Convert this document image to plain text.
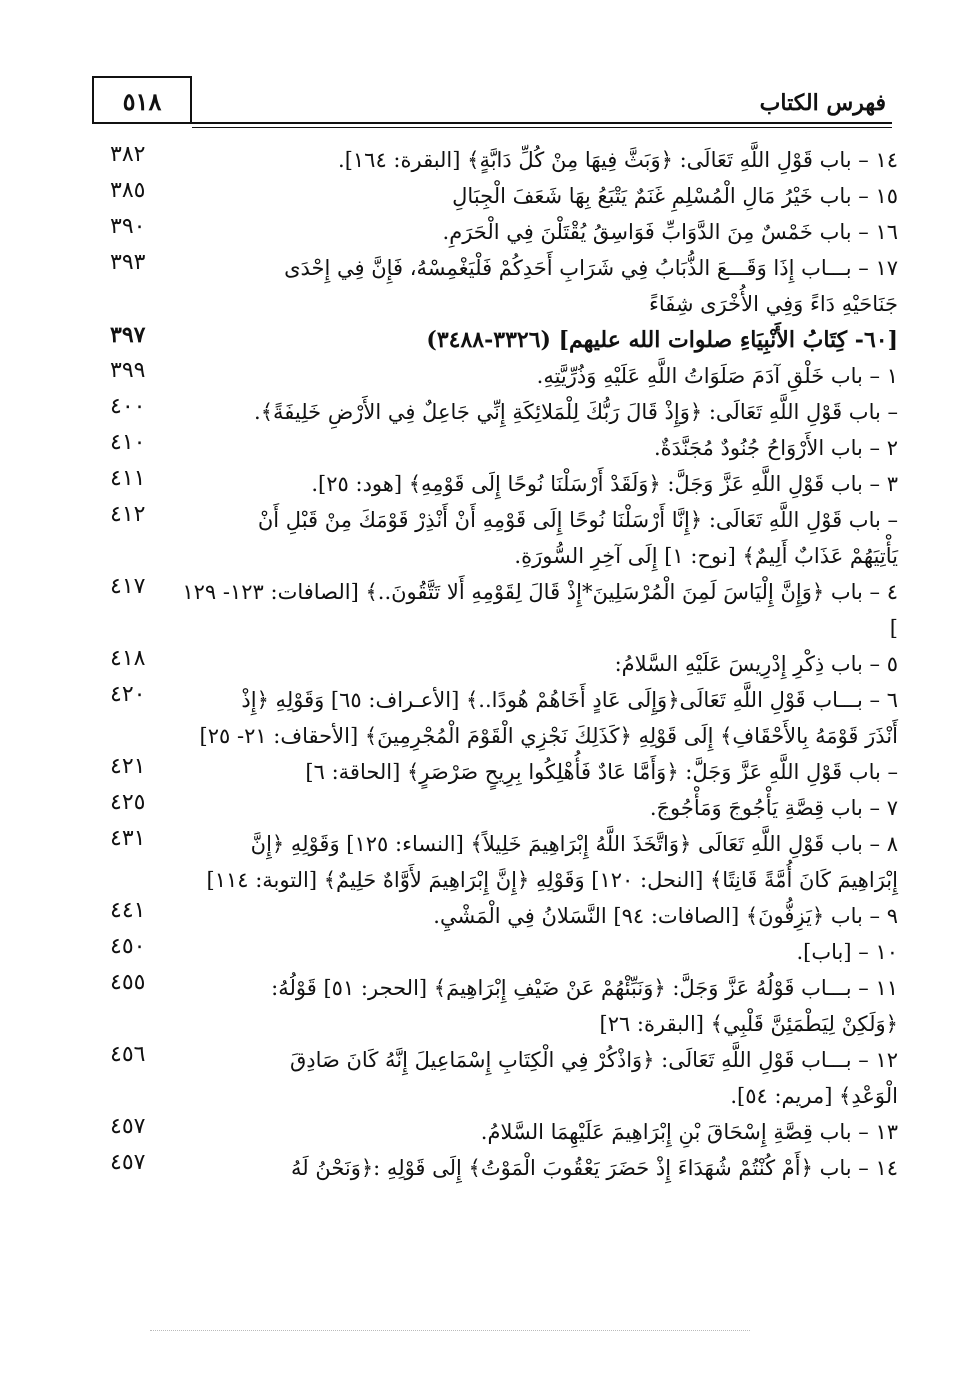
٥١٨	فهرس الكتاب
٣٨٢	١٤ – باب قَوْلِ اللَّهِ تَعَالَى: ﴿وَبَثَّ فِيهَا مِنْ كُلِّ دَابَّةٍ﴾ [البقرة: ١٦٤].
٣٨٥	١٥ – باب خَيْرُ مَالِ الْمُسْلِمِ غَنَمٌ يَتْبَعُ بِهَا شَعَفَ الْجِبَالِ
٣٩٠	١٦ – باب خَمْسٌ مِنَ الدَّوَابِّ فَوَاسِقُ يُقْتَلْنَ فِي الْحَرَمِ.
٣٩٣	١٧ – بـــاب إِذَا وَقَـــعَ الذُّبَابُ فِي شَرَابِ أَحَدِكُمْ فَلْيَغْمِسْهُ، فَإِنَّ فِي إِحْدَى
جَنَاحَيْهِ دَاءً وَفِي الأُخْرَى شِفَاءً
٣٩٧	[٦٠- كِتَابُ الأَنْبِيَاءِ صلوات الله عليهم] (٣٣٢٦-٣٤٨٨)
٣٩٩	١ – باب خَلْقِ آدَمَ صَلَوَاتُ اللَّهِ عَلَيْهِ وَذُرِّيَّتِهِ.
٤٠٠	– باب قَوْلِ اللَّهِ تَعَالَى: ﴿وَإِذْ قَالَ رَبُّكَ لِلْمَلائِكَةِ إِنِّي جَاعِلٌ فِي الأَرْضِ خَلِيفَةً﴾.
٤١٠	٢ – باب الأَرْوَاحُ جُنُودٌ مُجَنَّدَةٌ.
٤١١	٣ – باب قَوْلِ اللَّهِ عَزَّ وَجَلَّ: ﴿وَلَقَدْ أَرْسَلْنَا نُوحًا إِلَى قَوْمِهِ﴾ [هود: ٢٥].
٤١٢	– باب قَوْلِ اللَّهِ تَعَالَى: ﴿إِنَّا أَرْسَلْنَا نُوحًا إِلَى قَوْمِهِ أَنْ أَنْذِرْ قَوْمَكَ مِنْ قَبْلِ أَنْ
يَأْتِيَهُمْ عَذَابٌ أَلِيمٌ﴾ [نوح: ١] إِلَى آخِرِ السُّورَةِ.
٤١٧	٤ – باب ﴿وَإِنَّ إِلْيَاسَ لَمِنَ الْمُرْسَلِينَ*إِذْ قَالَ لِقَوْمِهِ أَلا تَتَّقُونَ..﴾ [الصافات: ١٢٣- ١٢٩
]
٤١٨	٥ – باب ذِكْرِ إِدْرِيسَ عَلَيْهِ السَّلامُ:
٤٢٠	٦ – بـــاب قَوْلِ اللَّهِ تَعَالَى﴿وَإِلَى عَادٍ أَخَاهُمْ هُودًا..﴾ [الأعـراف: ٦٥] وَقَوْلِهِ ﴿إِذْ
أَنْذَرَ قَوْمَهُ بِالأَحْقَافِ﴾ إِلَى قَوْلِهِ ﴿كَذَلِكَ نَجْزِي الْقَوْمَ الْمُجْرِمِينَ﴾ [الأحقاف: ٢١- ٢٥]
٤٢١	– باب قَوْلِ اللَّهِ عَزَّ وَجَلَّ: ﴿وَأَمَّا عَادٌ فَأُهْلِكُوا بِرِيحٍ صَرْصَرٍ﴾ [الحاقة: ٦]
٤٢٥	٧ – باب قِصَّةِ يَأْجُوجَ وَمَأْجُوجَ.
٤٣١	٨ – باب قَوْلِ اللَّهِ تَعَالَى ﴿وَاتَّخَذَ اللَّهُ إِبْرَاهِيمَ خَلِيلاً﴾ [النساء: ١٢٥] وَقَوْلِهِ ﴿إِنَّ
إِبْرَاهِيمَ كَانَ أُمَّةً قَانِتًا﴾ [النحل: ١٢٠] وَقَوْلِهِ ﴿إِنَّ إِبْرَاهِيمَ لأَوَّاهٌ حَلِيمٌ﴾ [التوبة: ١١٤]
٤٤١	٩ – باب ﴿يَزِفُّونَ﴾ [الصافات: ٩٤] النَّسَلانُ فِي الْمَشْيِ.
٤٥٠	١٠ – [باب].
٤٥٥	١١ – بـــاب قَوْلُهُ عَزَّ وَجَلَّ: ﴿وَنَبِّئْهُمْ عَنْ ضَيْفِ إِبْرَاهِيمَ﴾ [الحجر: ٥١] قَوْلُهُ:
﴿وَلَكِنْ لِيَطْمَئِنَّ قَلْبِي﴾ [البقرة: ٢٦]
٤٥٦	١٢ – بـــاب قَوْلِ اللَّهِ تَعَالَى: ﴿وَاذْكُرْ فِي الْكِتَابِ إِسْمَاعِيلَ إِنَّهُ كَانَ صَادِقَ
الْوَعْدِ﴾ [مريم: ٥٤].
٤٥٧	١٣ – باب قِصَّةِ إِسْحَاقَ بْنِ إِبْرَاهِيمَ عَلَيْهِمَا السَّلامُ.
٤٥٧	١٤ – باب ﴿أَمْ كُنْتُمْ شُهَدَاءَ إِذْ حَضَرَ يَعْقُوبَ الْمَوْتُ﴾ إِلَى قَوْلِهِ :﴿وَنَحْنُ لَهُ
